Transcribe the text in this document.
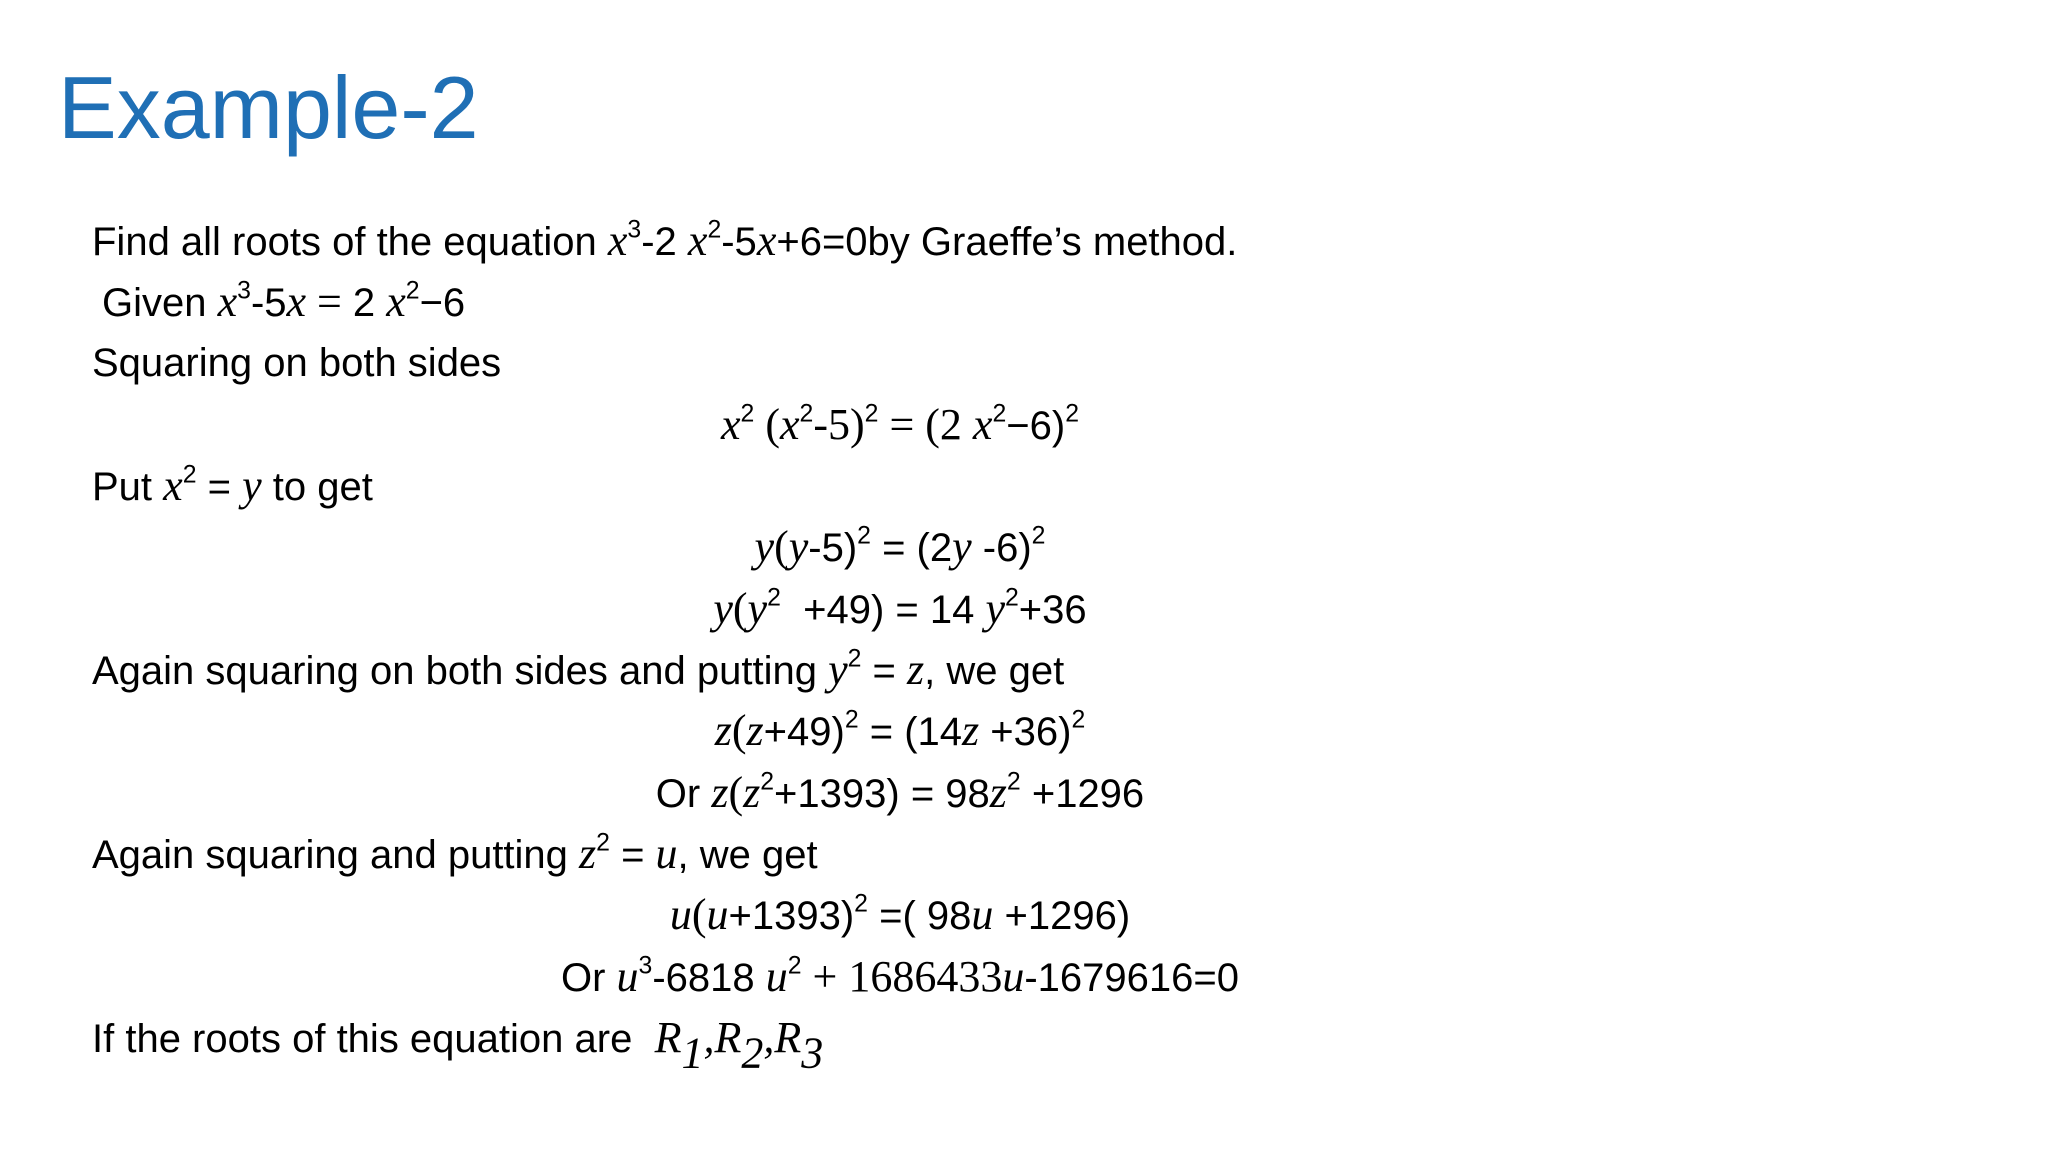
Example-2
Find all roots of the equation $x^3-2$ $x^2-5x+6=0by$ Graeffe’s method.
Given $x^3-5x = 2$ $x^2-6$
Squaring on both sides
$x^2$ $(x^2-5)^2 = (2$ $x^2-6)^2$
Put $x^2 = y$ to get
$y(y-5)^2 = (2y$ -6)$^2$
$y(y^2 +49) = 14$ $y^2+36$
Again squaring on both sides and putting $y^2 = z$, we get
$z(z+49)^2 = (14z +36)^2$
Or $z(z^2+1393) = 98z^2 +1296$
Again squaring and putting $z^2 = u$, we get
$u(u+1393)^2$ =( 98u +1296)
Or $u^3-6818$ $u^2 + 1686433u-1679616=0$
If the roots of this equation are  $R_1,R_2,R_3$
